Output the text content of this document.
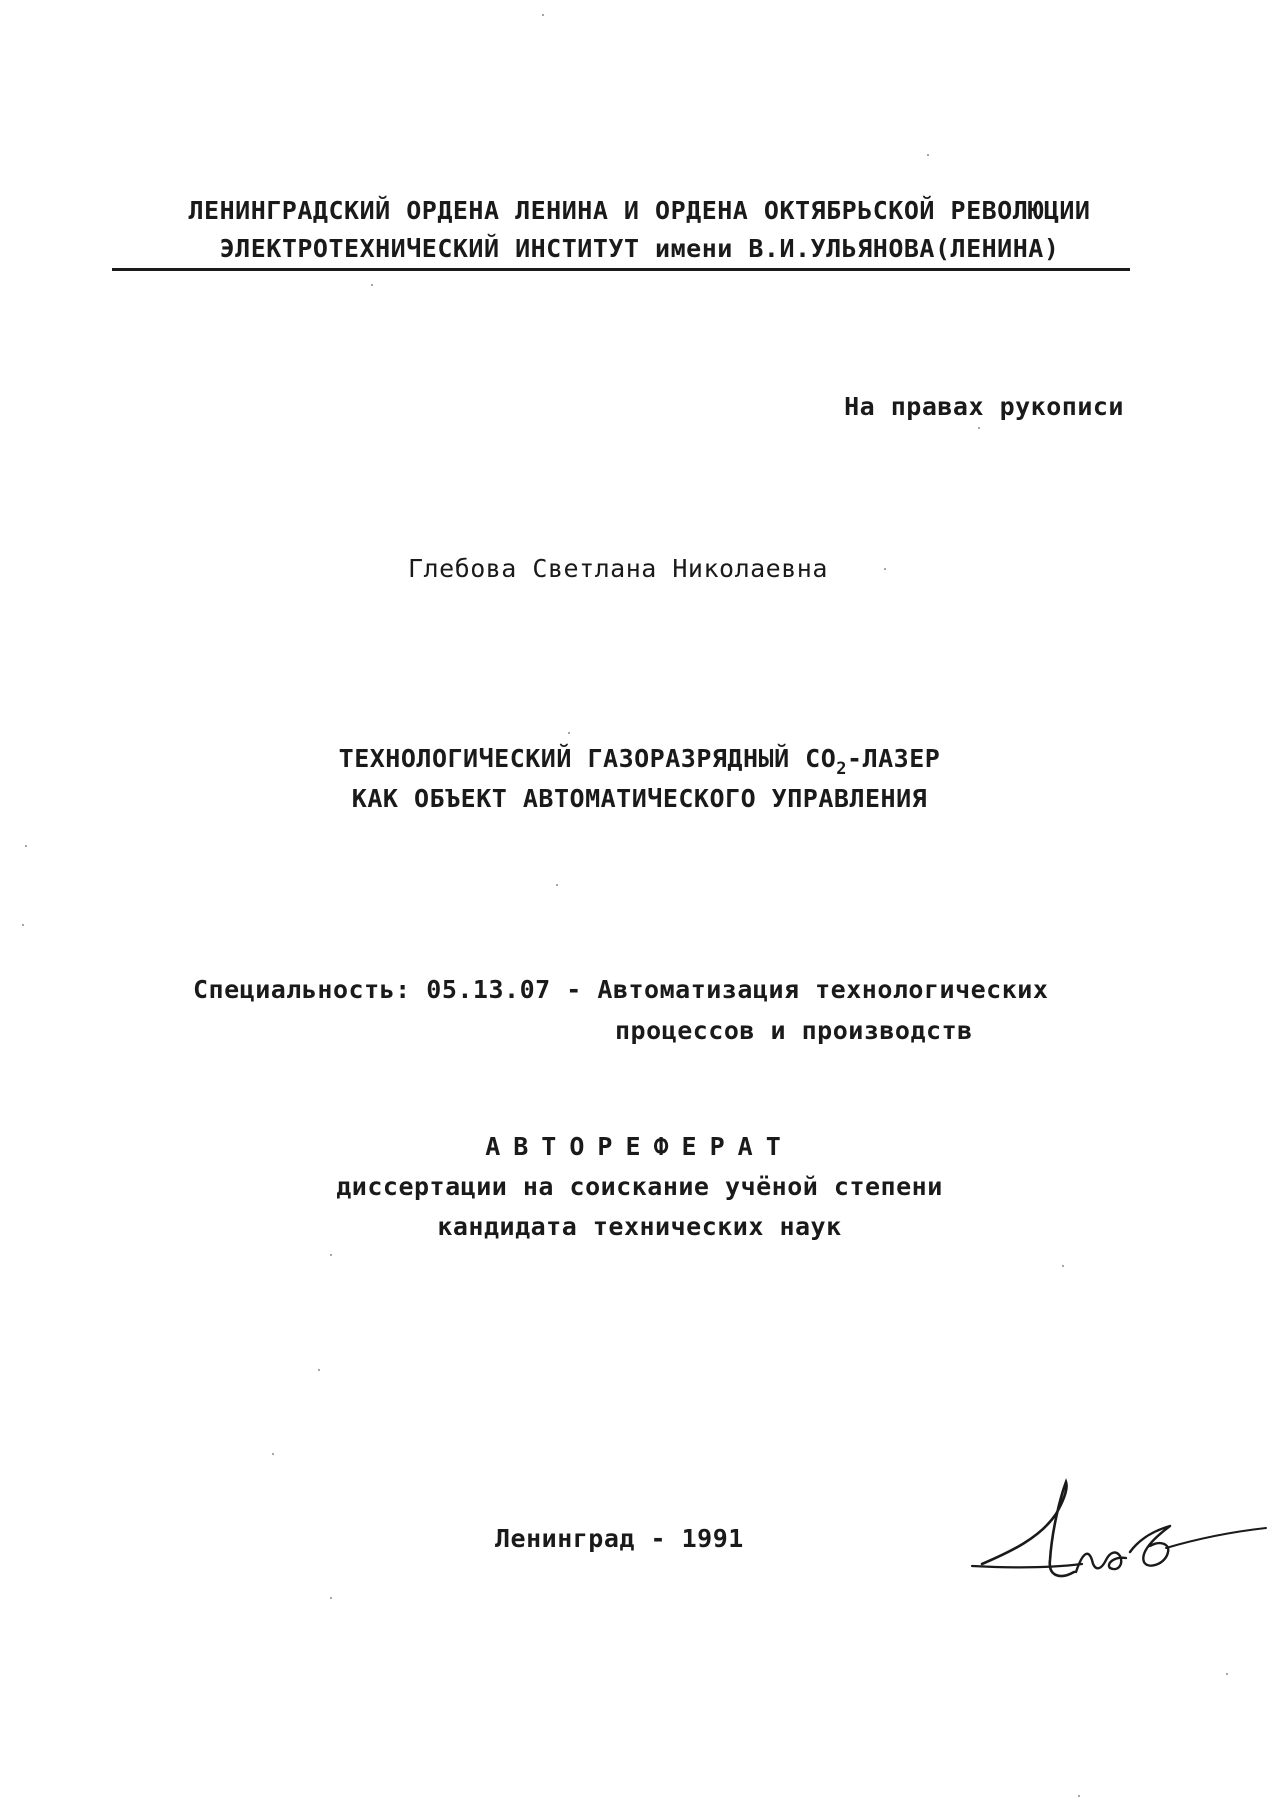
ЛЕНИНГРАДСКИЙ ОРДЕНА ЛЕНИНА И ОРДЕНА ОКТЯБРЬСКОЙ РЕВОЛЮЦИИ
ЭЛЕКТРОТЕХНИЧЕСКИЙ ИНСТИТУТ имени В.И.УЛЬЯНОВА(ЛЕНИНА)
На правах рукописи
Глебова Светлана Николаевна
ТЕХНОЛОГИЧЕСКИЙ ГАЗОРАЗРЯДНЫЙ $СО_2$-ЛАЗЕР
КАК ОБЪЕКТ АВТОМАТИЧЕСКОГО УПРАВЛЕНИЯ
Специальность: 05.13.07 - Автоматизация технологических
процессов и производств
АВТОРЕФЕРАТ
диссертации на соискание учёной степени
кандидата технических наук
Ленинград - 1991
